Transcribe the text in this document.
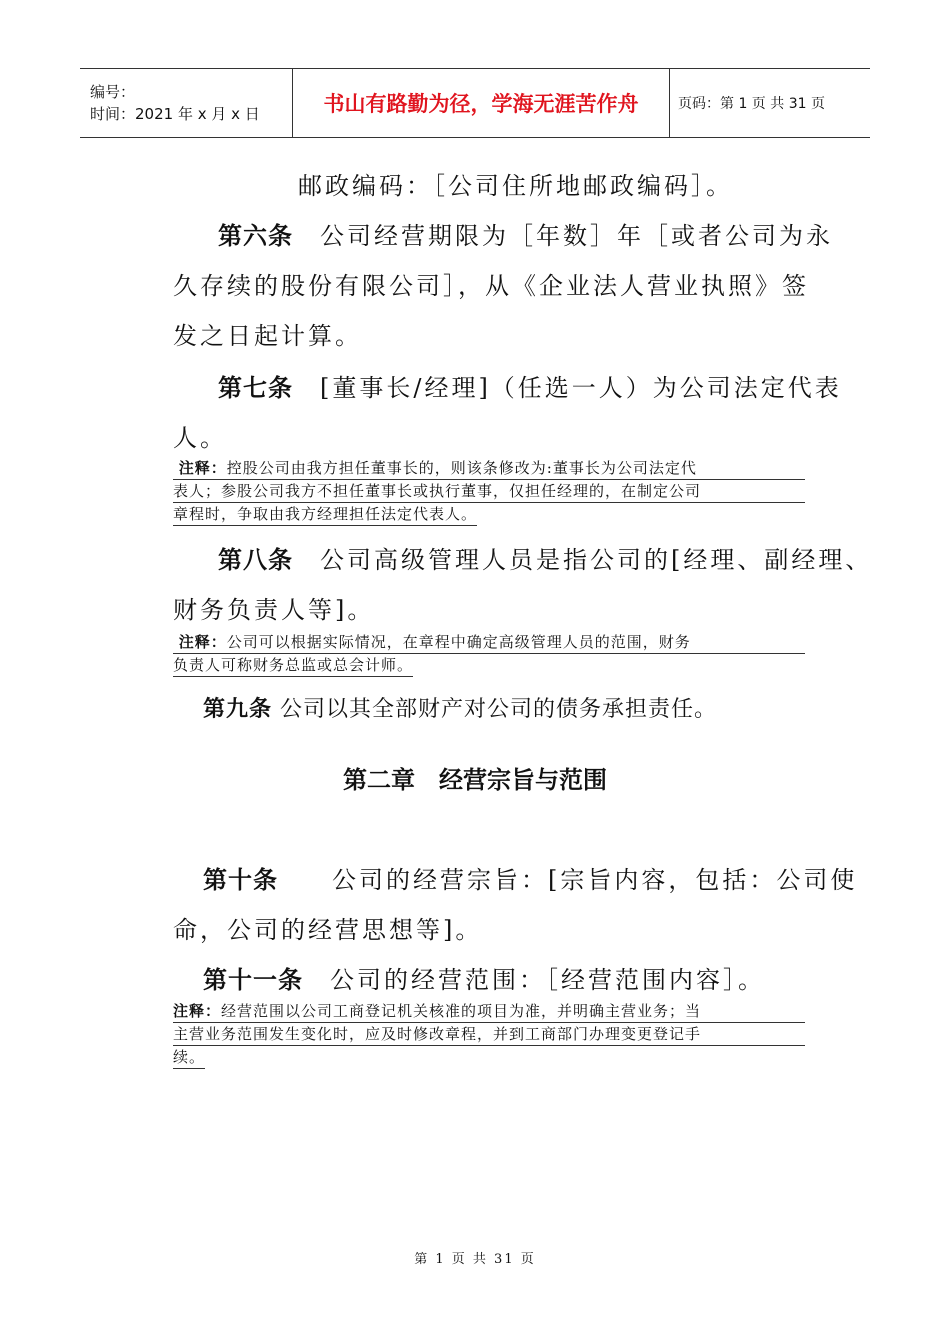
编号：
时间：2021 年 x 月 x 日	书山有路勤为径，学海无涯苦作舟	页码：第 1 页 共 31 页
邮政编码：［公司住所地邮政编码］。
第六条　 公司经营期限为［年数］年［或者公司为永
久存续的股份有限公司］，从《企业法人营业执照》签
发之日起计算。
第七条　 [董事长/经理]（任选一人）为公司法定代表
人。
注释：控股公司由我方担任董事长的，则该条修改为:董事长为公司法定代
表人；参股公司我方不担任董事长或执行董事，仅担任经理的，在制定公司
章程时，争取由我方经理担任法定代表人。
第八条　 公司高级管理人员是指公司的[经理、副经理、
财务负责人等]。
注释：公司可以根据实际情况，在章程中确定高级管理人员的范围，财务
负责人可称财务总监或总会计师。
第九条 公司以其全部财产对公司的债务承担责任。
第二章　经营宗旨与范围
第十条　　 公司的经营宗旨：[宗旨内容，包括：公司使
命，公司的经营思想等]。
第十一条　 公司的经营范围：［经营范围内容］。
注释：经营范围以公司工商登记机关核准的项目为准，并明确主营业务；当
主营业务范围发生变化时，应及时修改章程，并到工商部门办理变更登记手
续。
第 1 页 共 31 页
